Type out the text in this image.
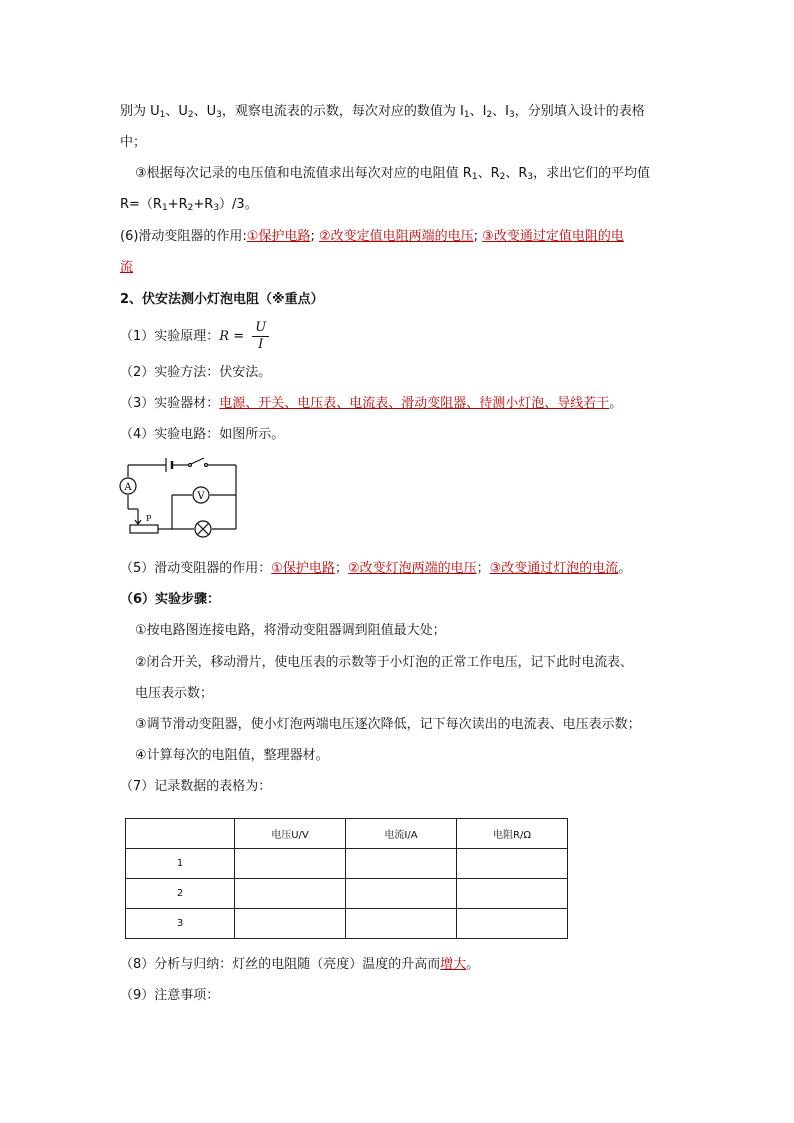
别为 $U_1$、$U_2$、$U_3$，观察电流表的示数，每次对应的数值为 $I_1$、$I_2$、$I_3$，分别填入设计的表格
中；
③根据每次记录的电压值和电流值求出每次对应的电阻值 $R_1$、$R_2$、$R_3$，求出它们的平均值
$R=(R_1+R_2+R_3)/3$。
(6)滑动变阻器的作用:①保护电路; ②改变定值电阻两端的电压; ③改变通过定值电阻的电
流
2、伏安法测小灯泡电阻（※重点）
（1）实验原理：$R = \frac{U}{I}$
（2）实验方法：伏安法。
（3）实验器材：电源、开关、电压表、电流表、滑动变阻器、待测小灯泡、导线若干。
（4）实验电路：如图所示。
A
V
P
（5）滑动变阻器的作用：①保护电路；②改变灯泡两端的电压；③改变通过灯泡的电流。
（6）实验步骤：
①按电路图连接电路，将滑动变阻器调到阻值最大处；
②闭合开关，移动滑片，使电压表的示数等于小灯泡的正常工作电压，记下此时电流表、
电压表示数；
③调节滑动变阻器，使小灯泡两端电压逐次降低，记下每次读出的电流表、电压表示数；
④计算每次的电阻值，整理器材。
（7）记录数据的表格为：
	电压U/V	电流I/A	电阻R/Ω
1			
2			
3			
（8）分析与归纳：灯丝的电阻随（亮度）温度的升高而增大。
（9）注意事项：
